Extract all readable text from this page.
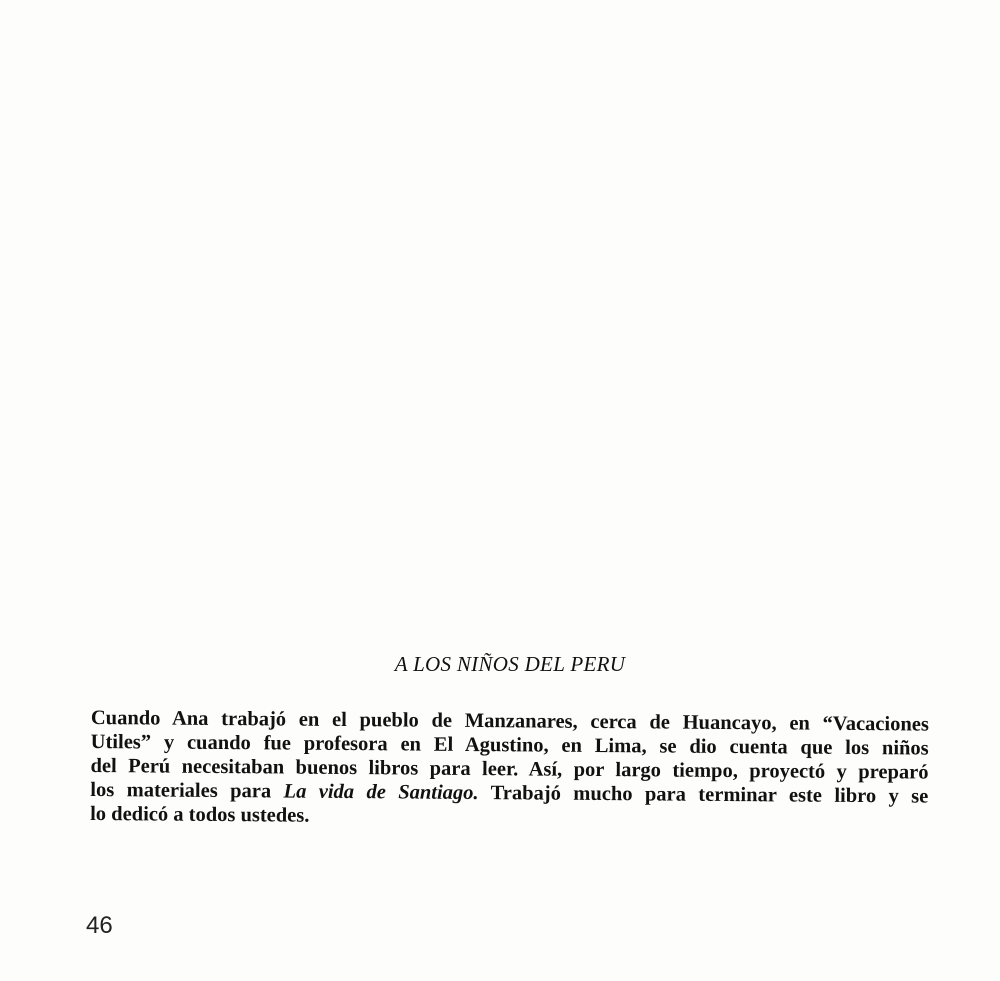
A LOS NIÑOS DEL PERU
Cuando Ana trabajó en el pueblo de Manzanares, cerca de Huancayo, en “Vacaciones
Utiles” y cuando fue profesora en El Agustino, en Lima, se dio cuenta que los niños
del Perú necesitaban buenos libros para leer. Así, por largo tiempo, proyectó y preparó
los materiales para La vida de Santiago. Trabajó mucho para terminar este libro y se
lo dedicó a todos ustedes.
46
